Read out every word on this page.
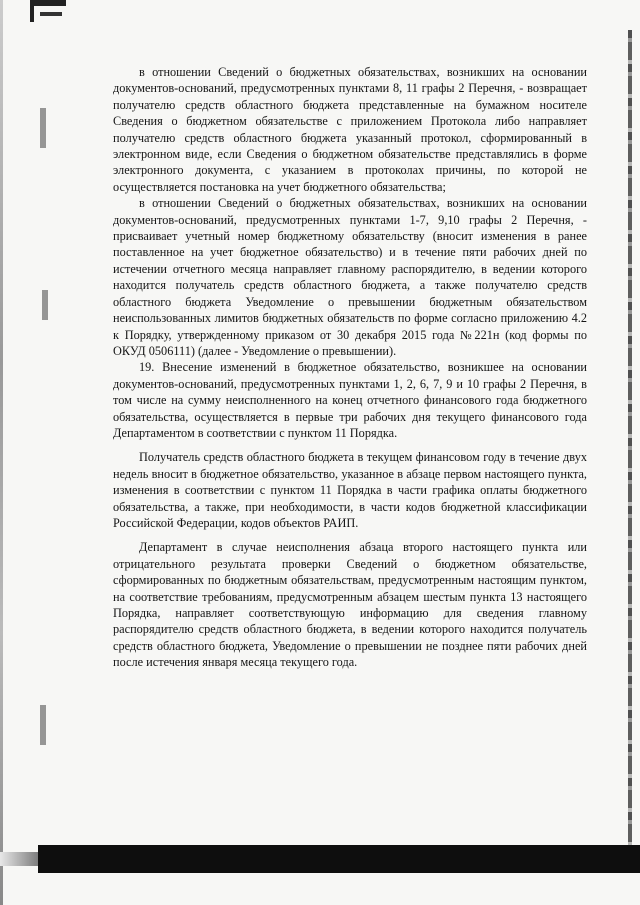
в отношении Сведений о бюджетных обязательствах, возникших на основании документов-оснований, предусмотренных пунктами 8, 11 графы 2 Перечня, - возвращает получателю средств областного бюджета представленные на бумажном носителе Сведения о бюджетном обязательстве с приложением Протокола либо направляет получателю средств областного бюджета указанный протокол, сформированный в электронном виде, если Сведения о бюджетном обязательстве представлялись в форме электронного документа, с указанием в протоколах причины, по которой не осуществляется постановка на учет бюджетного обязательства;

в отношении Сведений о бюджетных обязательствах, возникших на основании документов-оснований, предусмотренных пунктами 1-7, 9,10 графы 2 Перечня, - присваивает учетный номер бюджетному обязательству (вносит изменения в ранее поставленное на учет бюджетное обязательство) и в течение пяти рабочих дней по истечении отчетного месяца направляет главному распорядителю, в ведении которого находится получатель средств областного бюджета, а также получателю средств областного бюджета Уведомление о превышении бюджетным обязательством неиспользованных лимитов бюджетных обязательств по форме согласно приложению 4.2 к Порядку, утвержденному приказом от 30 декабря 2015 года №221н (код формы по ОКУД 0506111) (далее - Уведомление о превышении).

19. Внесение изменений в бюджетное обязательство, возникшее на основании документов-оснований, предусмотренных пунктами 1, 2, 6, 7, 9 и 10 графы 2 Перечня, в том числе на сумму неисполненного на конец отчетного финансового года бюджетного обязательства, осуществляется в первые три рабочих дня текущего финансового года Департаментом в соответствии с пунктом 11 Порядка.

Получатель средств областного бюджета в текущем финансовом году в течение двух недель вносит в бюджетное обязательство, указанное в абзаце первом настоящего пункта, изменения в соответствии с пунктом 11 Порядка в части графика оплаты бюджетного обязательства, а также, при необходимости, в части кодов бюджетной классификации Российской Федерации, кодов объектов РАИП.

Департамент в случае неисполнения абзаца второго настоящего пункта или отрицательного результата проверки Сведений о бюджетном обязательстве, сформированных по бюджетным обязательствам, предусмотренным настоящим пунктом, на соответствие требованиям, предусмотренным абзацем шестым пункта 13 настоящего Порядка, направляет соответствующую информацию для сведения главному распорядителю средств областного бюджета, в ведении которого находится получатель средств областного бюджета, Уведомление о превышении не позднее пяти рабочих дней после истечения января месяца текущего года.
